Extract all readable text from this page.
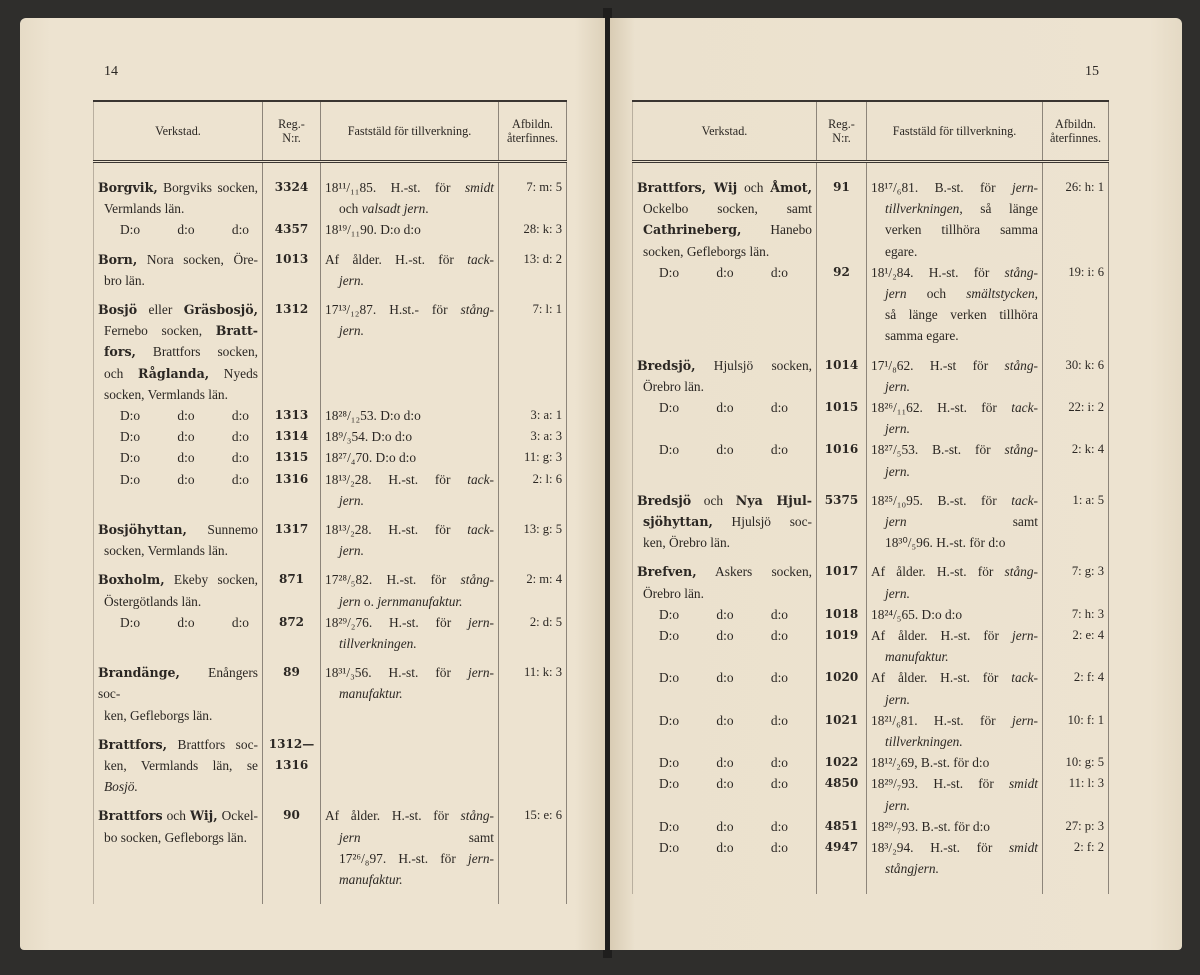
14
Verkstad.	Reg.-
N:r.	Faststäld för tillverkning.	Afbildn.
återfinnes.

Borgvik, Borgviks socken,
Vermlands län.	3324	18¹¹/₁₁85. H.-st. för smidt
och valsadt jern.	7: m: 5

D:o d:o d:o	4357	18¹⁹/₁₁90. D:o d:o	28: k: 3

Born, Nora socken, Öre-
bro län.	1013	Af ålder. H.-st. för tack-
jern.	13: d: 2

Bosjö eller Gräsbosjö,
Fernebo socken, Bratt-
fors, Brattfors socken,
och Råglanda, Nyeds
socken, Vermlands län.	1312	17¹³/₁₂87. H.st.- för stång-
jern.	7: l: 1

D:o d:o d:o	1313	18²⁸/₁₂53. D:o d:o	3: a: 1

D:o d:o d:o	1314	18⁹/₃54. D:o d:o	3: a: 3

D:o d:o d:o	1315	18²⁷/₄70. D:o d:o	11: g: 3

D:o d:o d:o	1316	18¹³/₂28. H.-st. för tack-
jern.	2: l: 6

Bosjöhyttan, Sunnemo
socken, Vermlands län.	1317	18¹³/₂28. H.-st. för tack-
jern.	13: g: 5

Boxholm, Ekeby socken,
Östergötlands län.	871	17²⁸/₅82. H.-st. för stång-
jern o. jernmanufaktur.	2: m: 4

D:o d:o d:o	872	18²⁹/₂76. H.-st. för jern-
tillverkningen.	2: d: 5

Brandänge, Enångers soc-
ken, Gefleborgs län.	89	18³¹/₃56. H.-st. för jern-
manufaktur.	11: k: 3

Brattfors, Brattfors soc-
ken, Vermlands län, se
Bosjö.	1312—
1316		

Brattfors och Wij, Ockel-
bo socken, Gefleborgs län.	90	Af ålder. H.-st. för stång-
jern samt
17²⁶/₈97. H.-st. för jern-
manufaktur.	15: e: 6

15
Verkstad.	Reg.-
N:r.	Faststäld för tillverkning.	Afbildn.
återfinnes.

Brattfors, Wij och Åmot,
Ockelbo socken, samt
Cathrineberg, Hanebo
socken, Gefleborgs län.	91	18¹⁷/₆81. B.-st. för jern-
tillverkningen, så länge
verken tillhöra samma
egare.	26: h: 1

D:o d:o d:o	92	18¹/₂84. H.-st. för stång-
jern och smältstycken,
så länge verken tillhöra
samma egare.	19: i: 6

Bredsjö, Hjulsjö socken,
Örebro län.	1014	17¹/₈62. H.-st för stång-
jern.	30: k: 6

D:o d:o d:o	1015	18²⁶/₁₁62. H.-st. för tack-
jern.	22: i: 2

D:o d:o d:o	1016	18²⁷/₅53. B.-st. för stång-
jern.	2: k: 4

Bredsjö och Nya Hjul-
sjöhyttan, Hjulsjö soc-
ken, Örebro län.	5375	18²⁵/₁₀95. B.-st. för tack-
jern samt
18³⁰/₅96. H.-st. för d:o	1: a: 5

Brefven, Askers socken,
Örebro län.	1017	Af ålder. H.-st. för stång-
jern.	7: g: 3

D:o d:o d:o	1018	18²⁴/₅65. D:o d:o	7: h: 3

D:o d:o d:o	1019	Af ålder. H.-st. för jern-
manufaktur.	2: e: 4

D:o d:o d:o	1020	Af ålder. H.-st. för tack-
jern.	2: f: 4

D:o d:o d:o	1021	18²¹/₆81. H.-st. för jern-
tillverkningen.	10: f: 1

D:o d:o d:o	1022	18¹²/₂69, B.-st. för d:o	10: g: 5

D:o d:o d:o	4850	18²⁹/₇93. H.-st. för smidt
jern.	11: l: 3

D:o d:o d:o	4851	18²⁹/₇93. B.-st. för d:o	27: p: 3

D:o d:o d:o	4947	18³/₂94. H.-st. för smidt
stångjern.	2: f: 2
